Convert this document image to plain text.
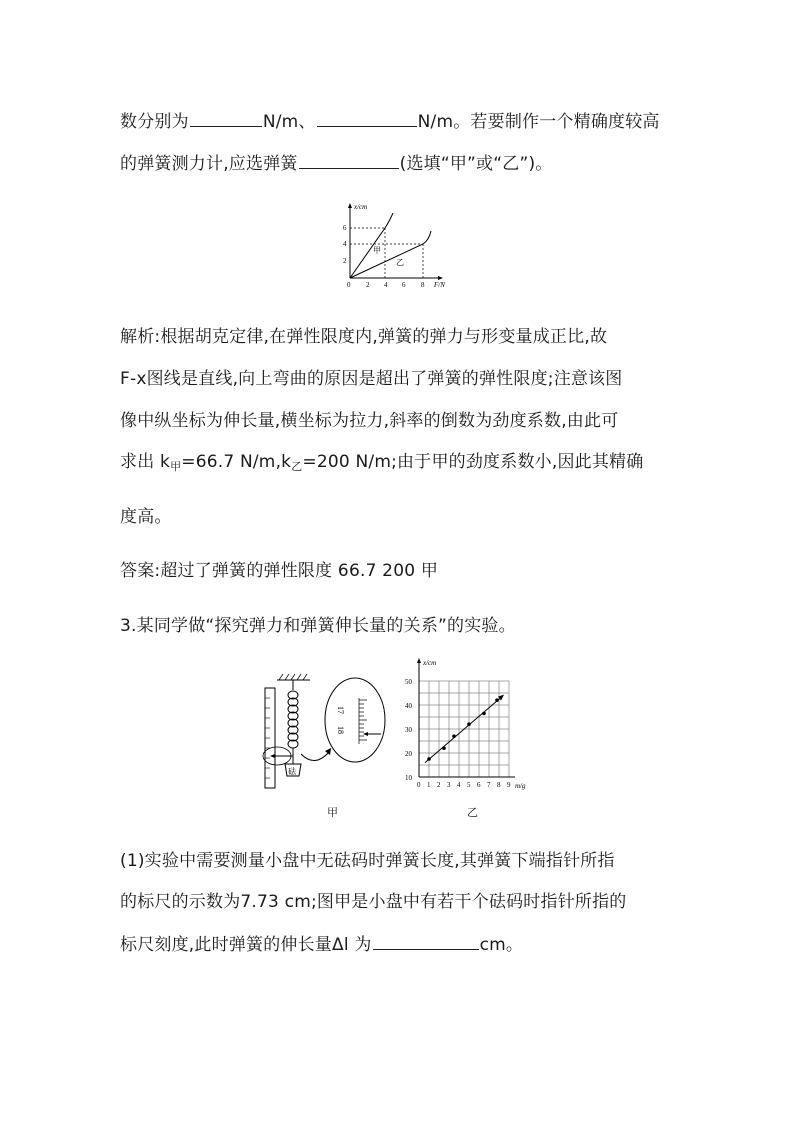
数分别为	N/m、	N/m。若要制作一个精确度较高
的弹簧测力计,应选弹簧	(选填“甲”或“乙”)。
x/cm
F/N
2
4
6
0 2 4 6 8
甲
乙
解析:根据胡克定律,在弹性限度内,弹簧的弹力与形变量成正比,故
F-x图线是直线,向上弯曲的原因是超出了弹簧的弹性限度;注意该图
像中纵坐标为伸长量,横坐标为拉力,斜率的倒数为劲度系数,由此可
求出 $k_甲=66.7$ $N/m,k_乙=200$ N/m;由于甲的劲度系数小,因此其精确
度高。
答案:超过了弹簧的弹性限度 66.7 200 甲
3.某同学做“探究弹力和弹簧伸长量的关系”的实验。
砝
17
18
甲
x/cm
m/g
10
20
30
40
50
0 1 2 3 4 5 6 7 8 9
乙
(1)实验中需要测量小盘中无砝码时弹簧长度,其弹簧下端指针所指
的标尺的示数为7.73 cm;图甲是小盘中有若干个砝码时指针所指的
标尺刻度,此时弹簧的伸长量Δl 为	cm。
